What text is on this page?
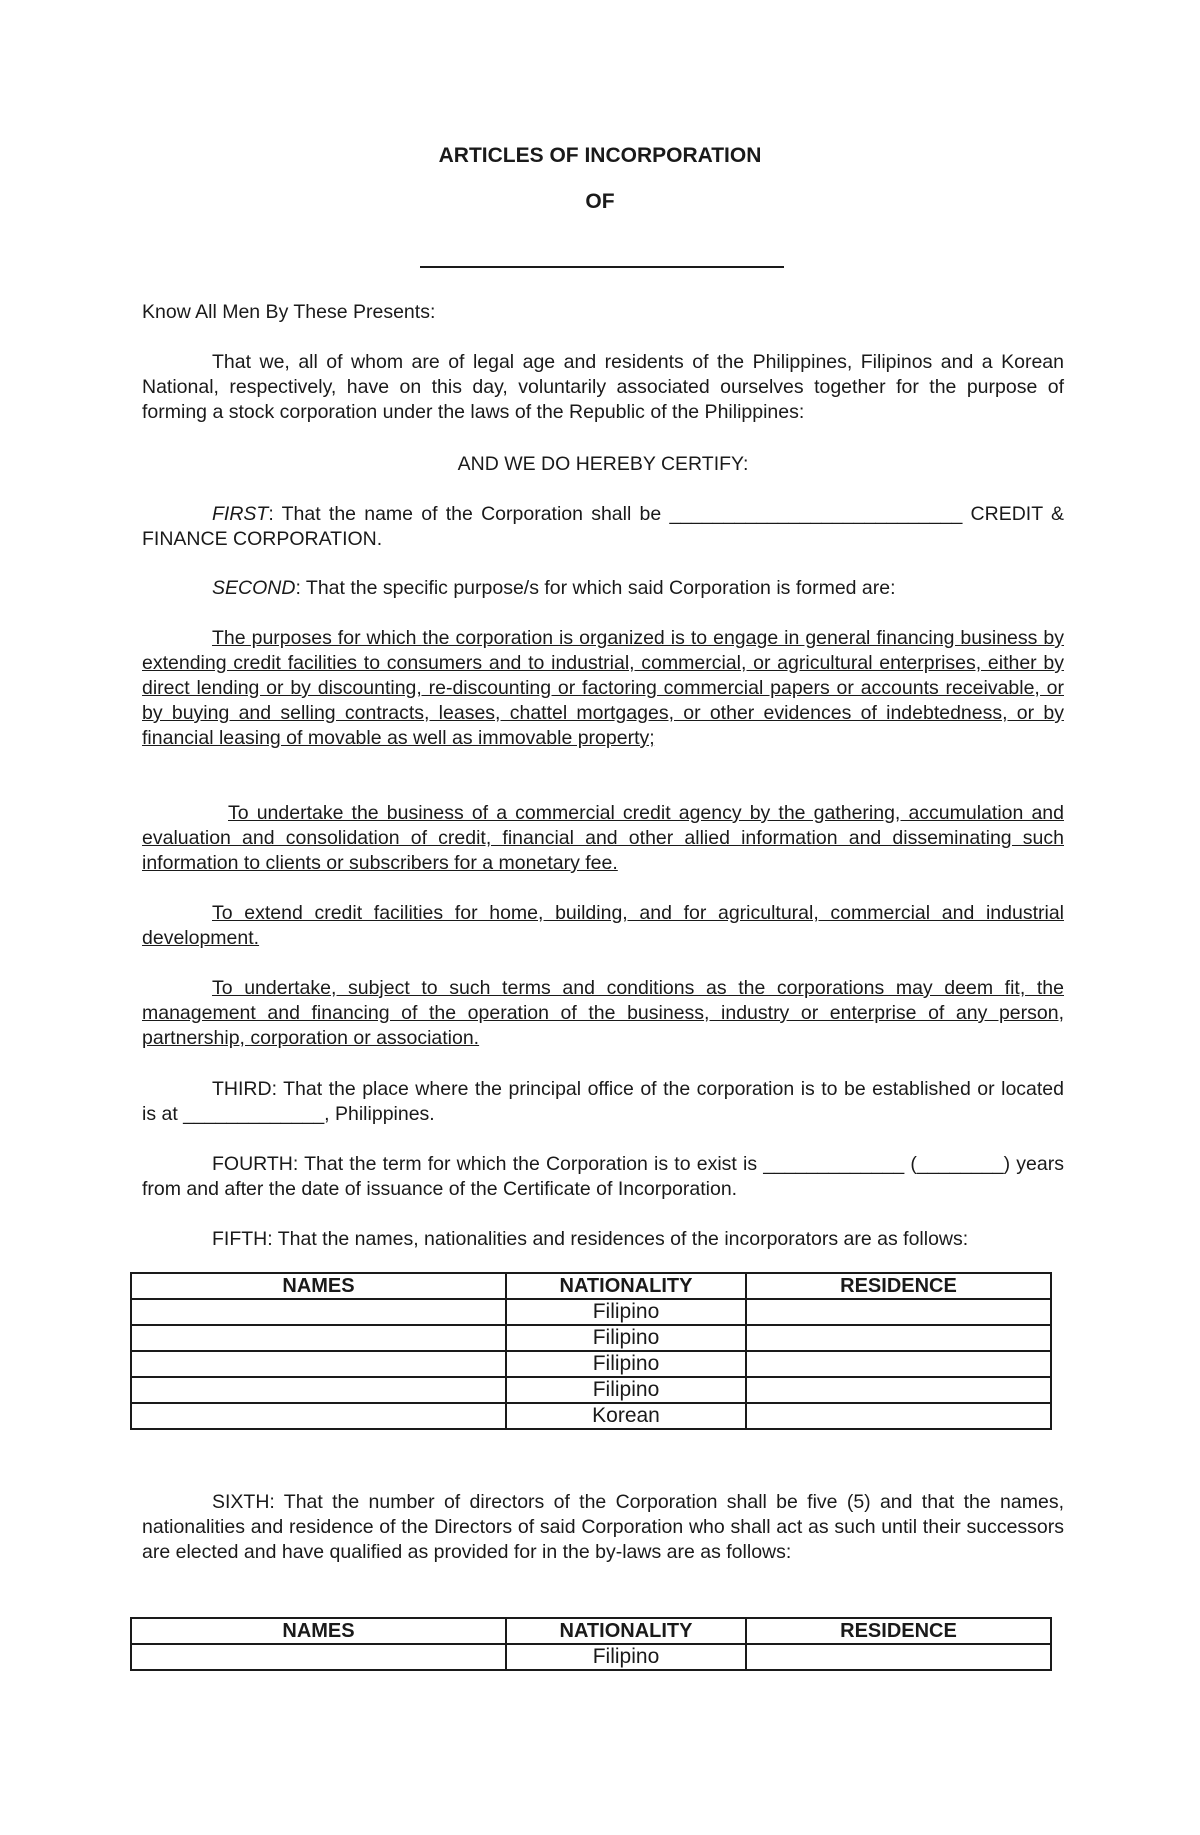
ARTICLES OF INCORPORATION
OF
Know All Men By These Presents:
That we, all of whom are of legal age and residents of the Philippines, Filipinos and a Korean National, respectively, have on this day, voluntarily associated ourselves together for the purpose of forming a stock corporation under the laws of the Republic of the Philippines:
AND WE DO HEREBY CERTIFY:
FIRST: That the name of the Corporation shall be ___________________________ CREDIT & FINANCE CORPORATION.
SECOND: That the specific purpose/s for which said Corporation is formed are:
The purposes for which the corporation is organized is to engage in general financing business by extending credit facilities to consumers and to industrial, commercial, or agricultural enterprises, either by direct lending or by discounting, re-discounting or factoring commercial papers or accounts receivable, or by buying and selling contracts, leases, chattel mortgages, or other evidences of indebtedness, or by financial leasing of movable as well as immovable property;
To undertake the business of a commercial credit agency by the gathering, accumulation and evaluation and consolidation of credit, financial and other allied information and disseminating such information to clients or subscribers for a monetary fee.
To extend credit facilities for home, building, and for agricultural, commercial and industrial development.
To undertake, subject to such terms and conditions as the corporations may deem fit, the management and financing of the operation of the business, industry or enterprise of any person, partnership, corporation or association.
THIRD: That the place where the principal office of the corporation is to be established or located is at _____________, Philippines.
FOURTH: That the term for which the Corporation is to exist is _____________ (________) years from and after the date of issuance of the Certificate of Incorporation.
FIFTH: That the names, nationalities and residences of the incorporators are as follows:
NAMES	NATIONALITY	RESIDENCE
	Filipino	
	Filipino	
	Filipino	
	Filipino	
	Korean	
SIXTH: That the number of directors of the Corporation shall be five (5) and that the names, nationalities and residence of the Directors of said Corporation who shall act as such until their successors are elected and have qualified as provided for in the by-laws are as follows:
NAMES	NATIONALITY	RESIDENCE
	Filipino	
